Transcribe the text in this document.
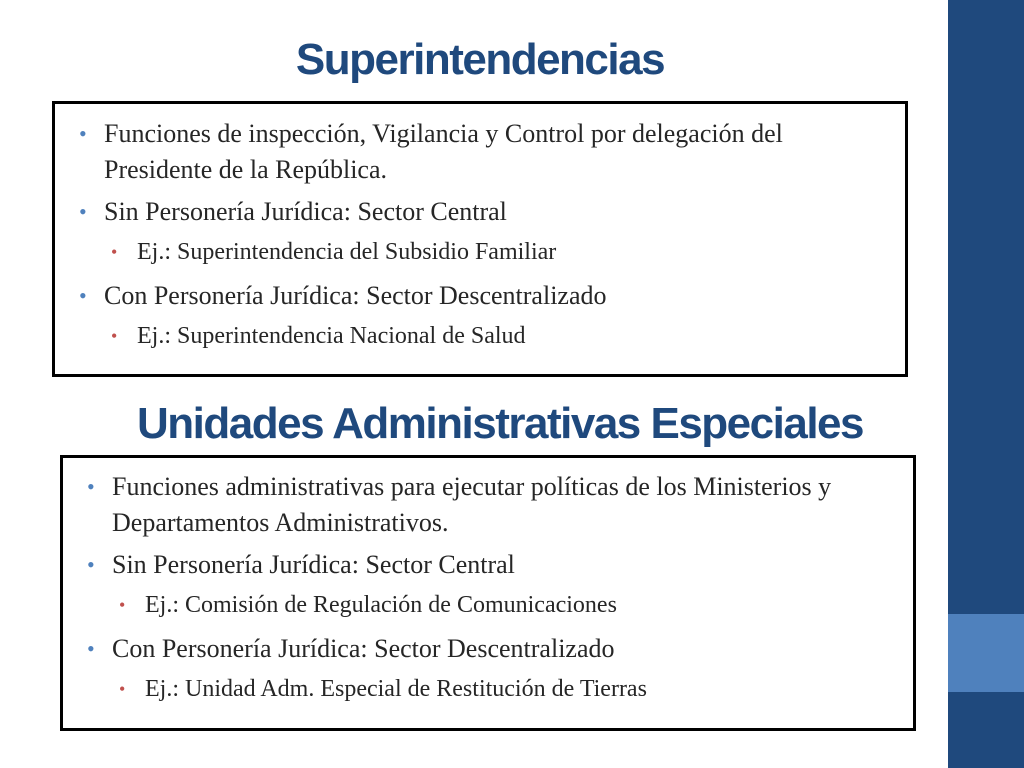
Superintendencias
• Funciones de inspección, Vigilancia y Control por delegación del Presidente de la República.
• Sin Personería Jurídica: Sector Central
• Ej.: Superintendencia del Subsidio Familiar
• Con Personería Jurídica: Sector Descentralizado
• Ej.: Superintendencia Nacional de Salud
Unidades Administrativas Especiales
• Funciones administrativas para ejecutar políticas de los Ministerios y Departamentos Administrativos.
• Sin Personería Jurídica: Sector Central
• Ej.: Comisión de Regulación de Comunicaciones
• Con Personería Jurídica: Sector Descentralizado
• Ej.: Unidad Adm. Especial de Restitución de Tierras
